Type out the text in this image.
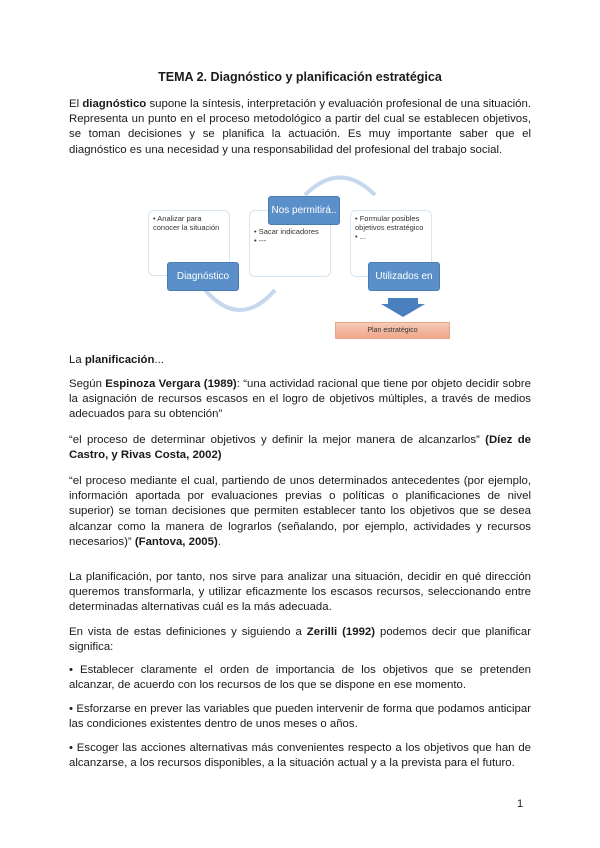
TEMA 2. Diagnóstico y planificación estratégica

El diagnóstico supone la síntesis, interpretación y evaluación profesional de una situación. Representa un punto en el proceso metodológico a partir del cual se establecen objetivos, se toman decisiones y se planifica la actuación. Es muy importante saber que el diagnóstico es una necesidad y una responsabilidad del profesional del trabajo social.

• Analizar para conocer la situación
Diagnóstico
• Sacar indicadores
• ---
Nos permitirá..
• Formular posibles objetivos estratégico
• ...
Utilizados en
Plan estratégico

La planificación...

Según Espinoza Vergara (1989): “una actividad racional que tiene por objeto decidir sobre la asignación de recursos escasos en el logro de objetivos múltiples, a través de medios adecuados para su obtención”

“el proceso de determinar objetivos y definir la mejor manera de alcanzarlos” (Díez de Castro, y Rivas Costa, 2002)

“el proceso mediante el cual, partiendo de unos determinados antecedentes (por ejemplo, información aportada por evaluaciones previas o políticas o planificaciones de nivel superior) se toman decisiones que permiten establecer tanto los objetivos que se desea alcanzar como la manera de lograrlos (señalando, por ejemplo, actividades y recursos necesarios)” (Fantova, 2005).

La planificación, por tanto, nos sirve para analizar una situación, decidir en qué dirección queremos transformarla, y utilizar eficazmente los escasos recursos, seleccionando entre determinadas alternativas cuál es la más adecuada.

En vista de estas definiciones y siguiendo a Zerilli (1992) podemos decir que planificar significa:

• Establecer claramente el orden de importancia de los objetivos que se pretenden alcanzar, de acuerdo con los recursos de los que se dispone en ese momento.

• Esforzarse en prever las variables que pueden intervenir de forma que podamos anticipar las condiciones existentes dentro de unos meses o años.

• Escoger las acciones alternativas más convenientes respecto a los objetivos que han de alcanzarse, a los recursos disponibles, a la situación actual y a la prevista para el futuro.

1
